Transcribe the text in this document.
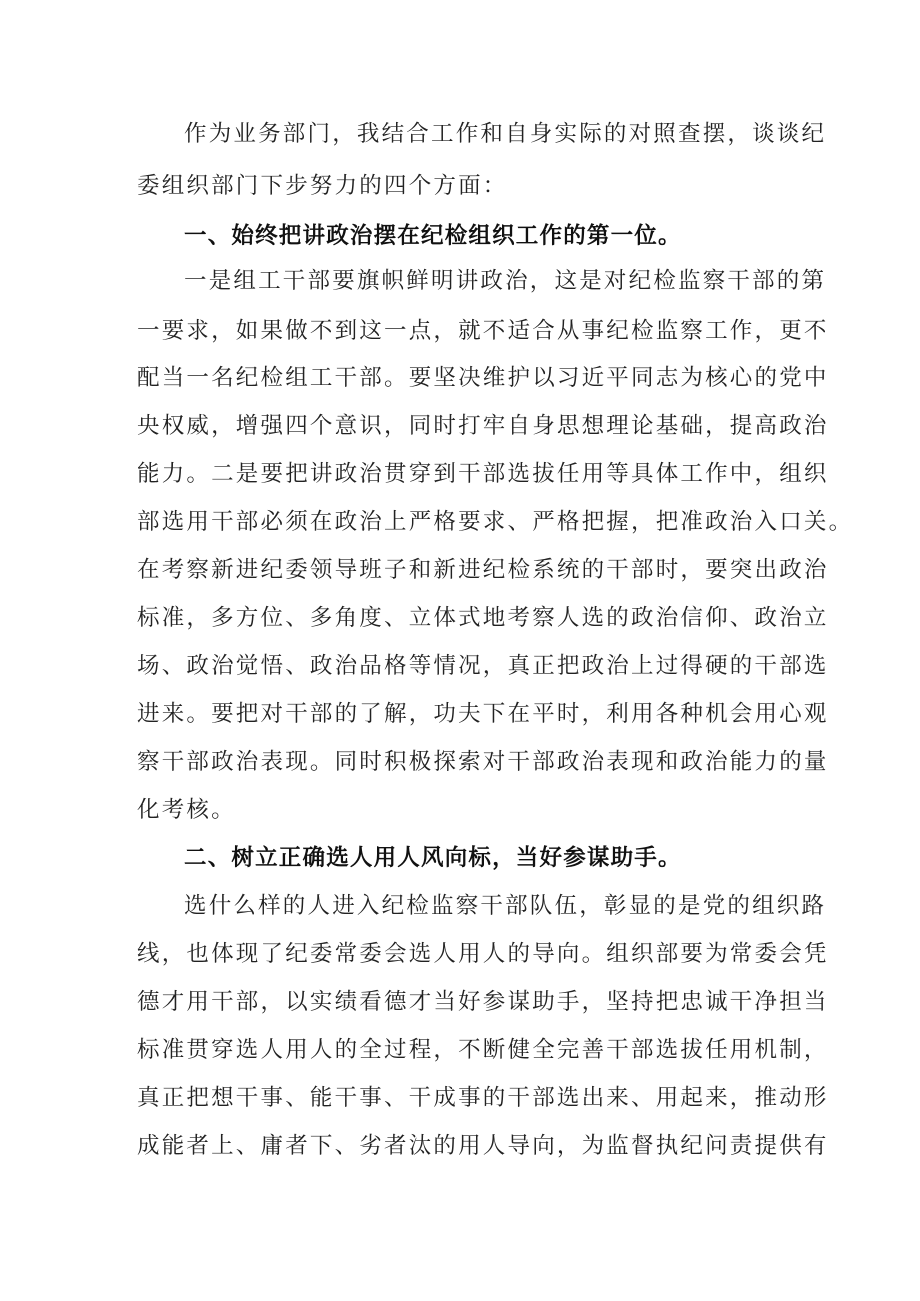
作为业务部门，我结合工作和自身实际的对照查摆，谈谈纪
委组织部门下步努力的四个方面：
一、始终把讲政治摆在纪检组织工作的第一位。
一是组工干部要旗帜鲜明讲政治，这是对纪检监察干部的第
一要求，如果做不到这一点，就不适合从事纪检监察工作，更不
配当一名纪检组工干部。要坚决维护以习近平同志为核心的党中
央权威，增强四个意识，同时打牢自身思想理论基础，提高政治
能力。二是要把讲政治贯穿到干部选拔任用等具体工作中，组织
部选用干部必须在政治上严格要求、严格把握，把准政治入口关。
在考察新进纪委领导班子和新进纪检系统的干部时，要突出政治
标准，多方位、多角度、立体式地考察人选的政治信仰、政治立
场、政治觉悟、政治品格等情况，真正把政治上过得硬的干部选
进来。要把对干部的了解，功夫下在平时，利用各种机会用心观
察干部政治表现。同时积极探索对干部政治表现和政治能力的量
化考核。
二、树立正确选人用人风向标，当好参谋助手。
选什么样的人进入纪检监察干部队伍，彰显的是党的组织路
线，也体现了纪委常委会选人用人的导向。组织部要为常委会凭
德才用干部，以实绩看德才当好参谋助手，坚持把忠诚干净担当
标准贯穿选人用人的全过程，不断健全完善干部选拔任用机制，
真正把想干事、能干事、干成事的干部选出来、用起来，推动形
成能者上、庸者下、劣者汰的用人导向，为监督执纪问责提供有
